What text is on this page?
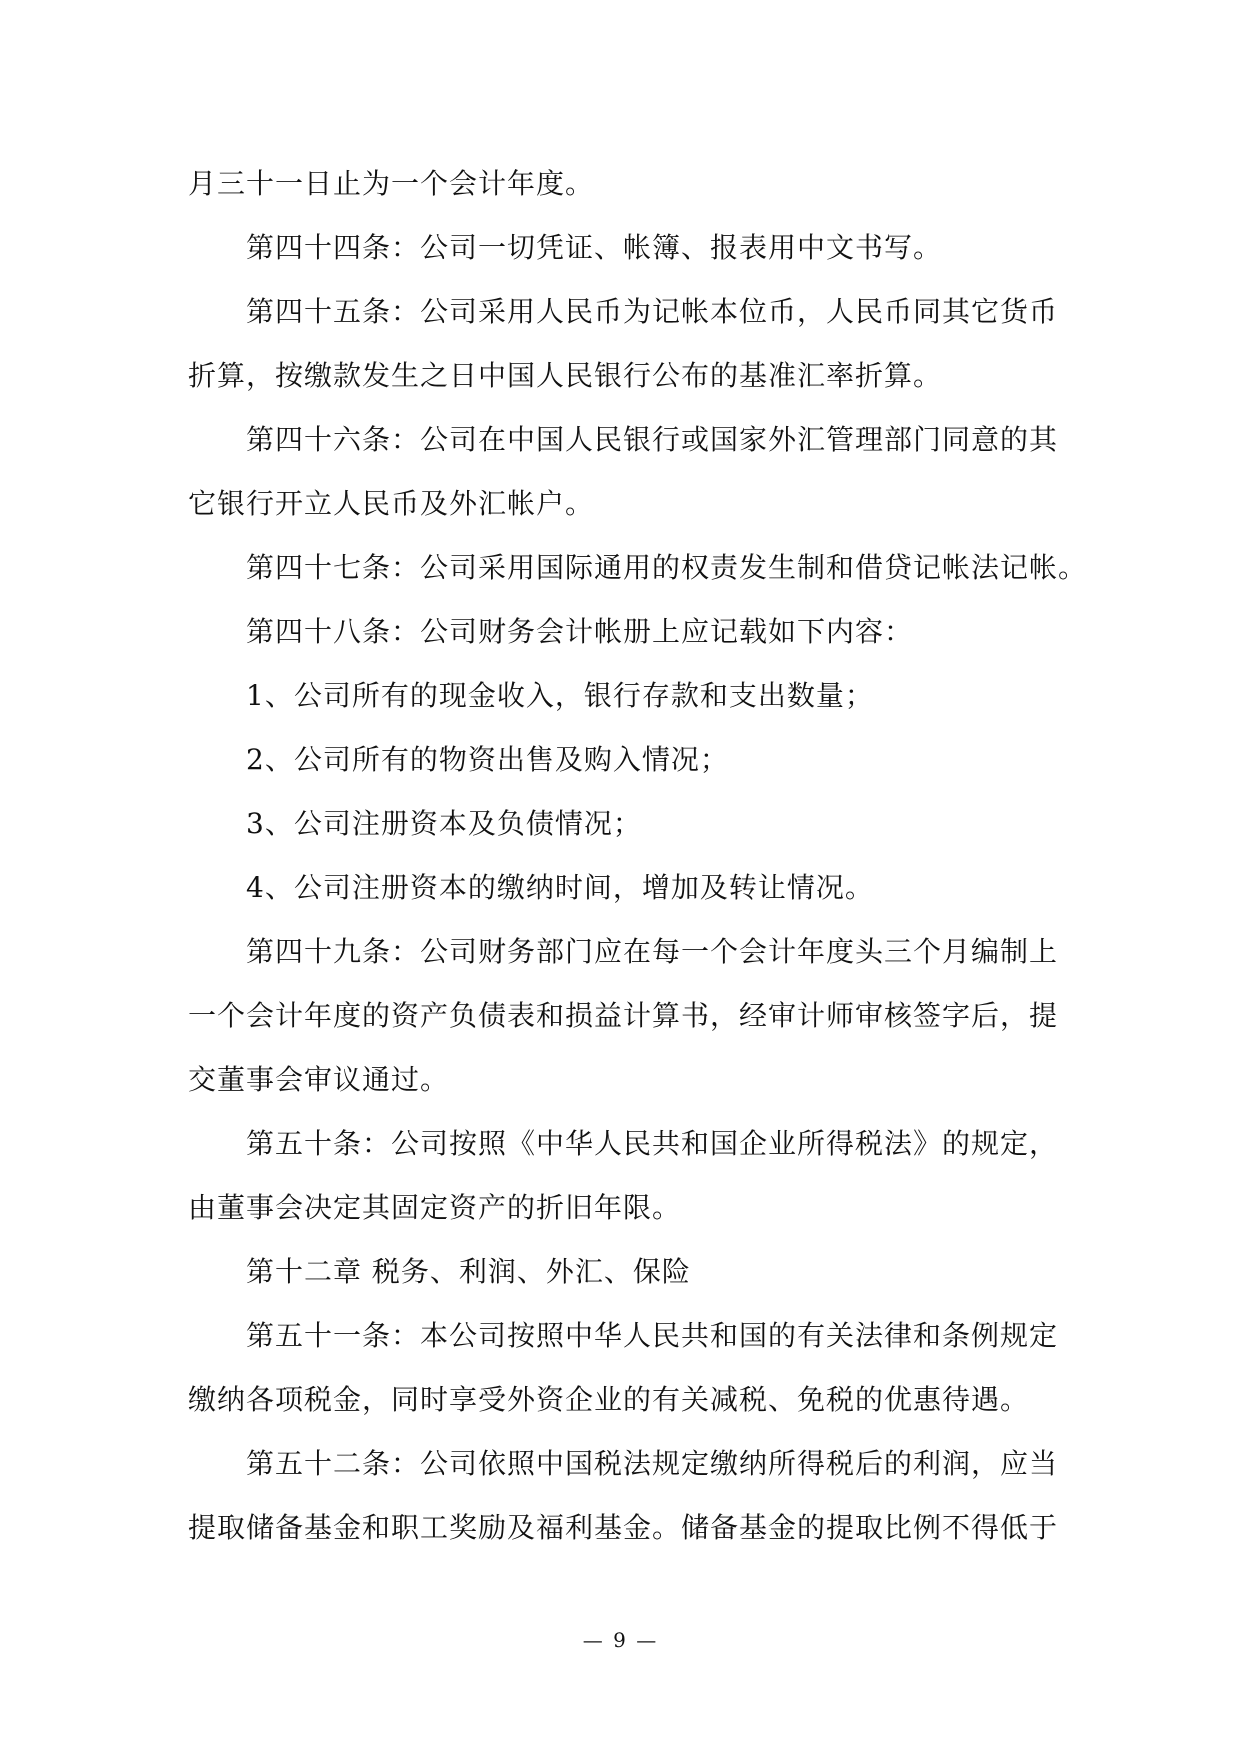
月三十一日止为一个会计年度。
第四十四条：公司一切凭证、帐簿、报表用中文书写。
第四十五条：公司采用人民币为记帐本位币，人民币同其它货币
折算，按缴款发生之日中国人民银行公布的基准汇率折算。
第四十六条：公司在中国人民银行或国家外汇管理部门同意的其
它银行开立人民币及外汇帐户。
第四十七条：公司采用国际通用的权责发生制和借贷记帐法记帐。
第四十八条：公司财务会计帐册上应记载如下内容：
1、公司所有的现金收入，银行存款和支出数量；
2、公司所有的物资出售及购入情况；
3、公司注册资本及负债情况；
4、公司注册资本的缴纳时间，增加及转让情况。
第四十九条：公司财务部门应在每一个会计年度头三个月编制上
一个会计年度的资产负债表和损益计算书，经审计师审核签字后，提
交董事会审议通过。
第五十条：公司按照《中华人民共和国企业所得税法》的规定，
由董事会决定其固定资产的折旧年限。
第十二章 税务、利润、外汇、保险
第五十一条：本公司按照中华人民共和国的有关法律和条例规定
缴纳各项税金，同时享受外资企业的有关减税、免税的优惠待遇。
第五十二条：公司依照中国税法规定缴纳所得税后的利润，应当
提取储备基金和职工奖励及福利基金。储备基金的提取比例不得低于
— 9 —
